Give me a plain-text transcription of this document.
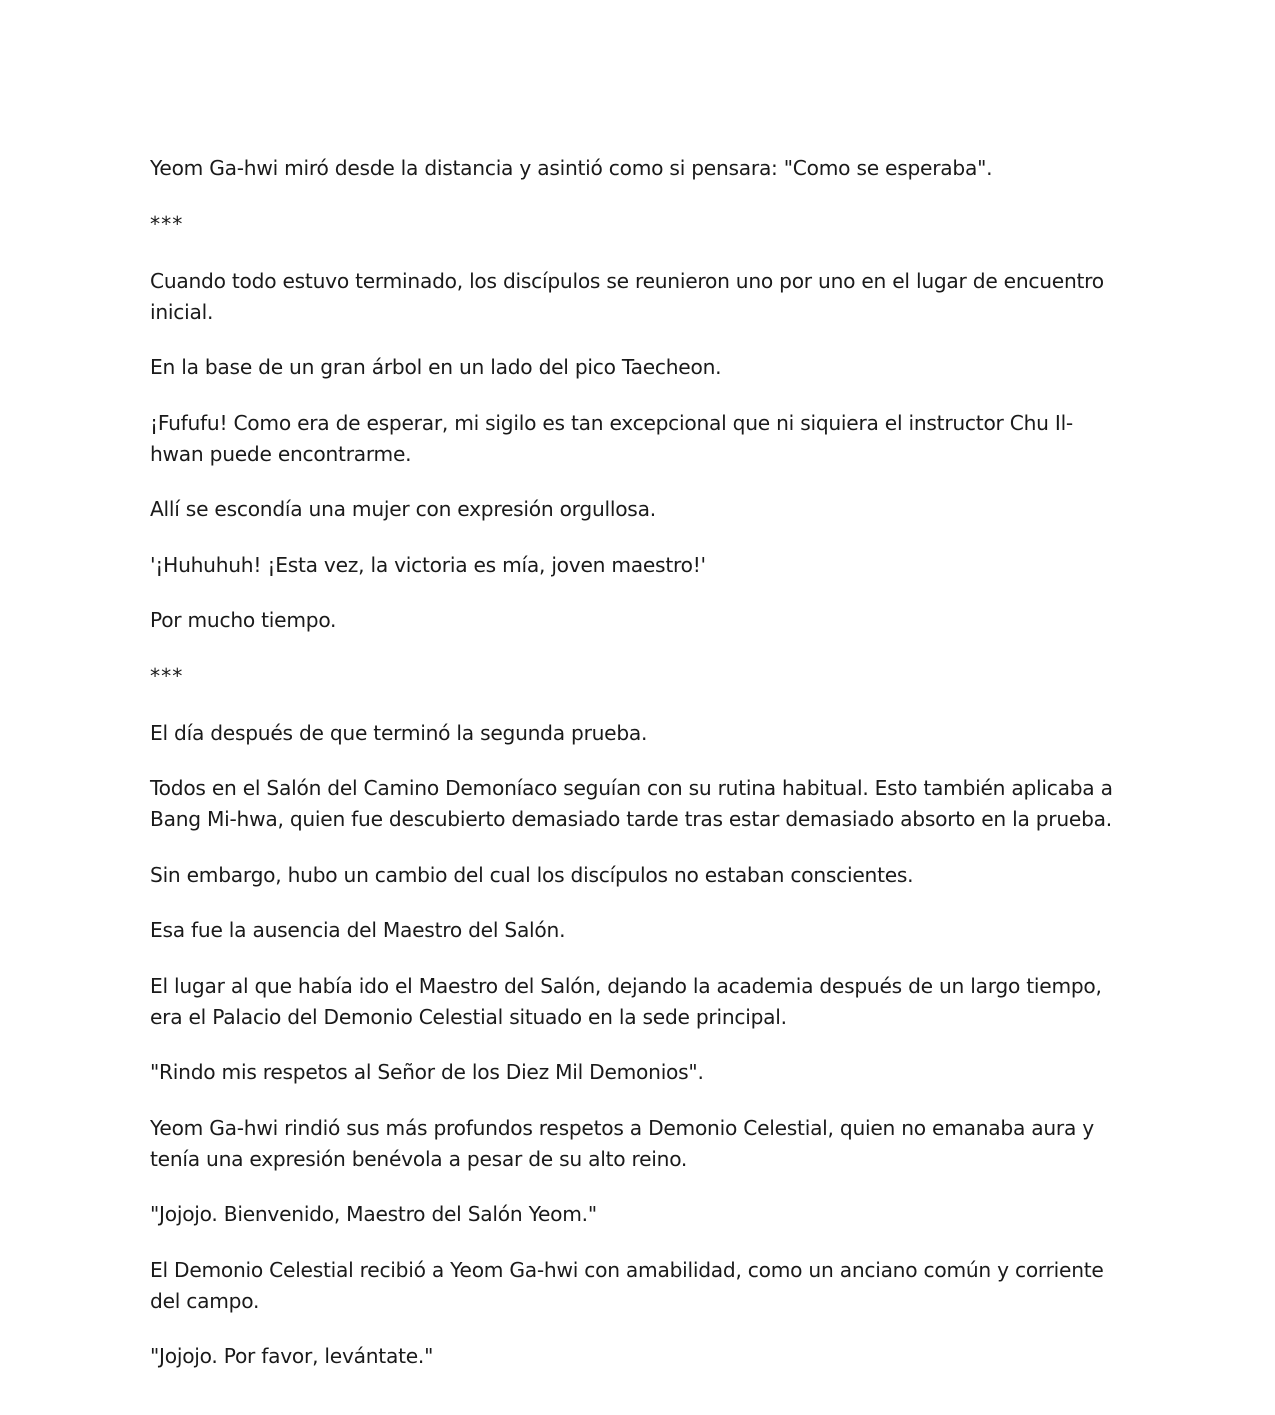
Yeom Ga-hwi miró desde la distancia y asintió como si pensara: "Como se esperaba".

***

Cuando todo estuvo terminado, los discípulos se reunieron uno por uno en el lugar de encuentro inicial.

En la base de un gran árbol en un lado del pico Taecheon.

¡Fufufu! Como era de esperar, mi sigilo es tan excepcional que ni siquiera el instructor Chu Il-hwan puede encontrarme.

Allí se escondía una mujer con expresión orgullosa.

'¡Huhuhuh! ¡Esta vez, la victoria es mía, joven maestro!'

Por mucho tiempo.

***

El día después de que terminó la segunda prueba.

Todos en el Salón del Camino Demoníaco seguían con su rutina habitual. Esto también aplicaba a Bang Mi-hwa, quien fue descubierto demasiado tarde tras estar demasiado absorto en la prueba.

Sin embargo, hubo un cambio del cual los discípulos no estaban conscientes.

Esa fue la ausencia del Maestro del Salón.

El lugar al que había ido el Maestro del Salón, dejando la academia después de un largo tiempo, era el Palacio del Demonio Celestial situado en la sede principal.

"Rindo mis respetos al Señor de los Diez Mil Demonios".

Yeom Ga-hwi rindió sus más profundos respetos a Demonio Celestial, quien no emanaba aura y tenía una expresión benévola a pesar de su alto reino.

"Jojojo. Bienvenido, Maestro del Salón Yeom."

El Demonio Celestial recibió a Yeom Ga-hwi con amabilidad, como un anciano común y corriente del campo.

"Jojojo. Por favor, levántate."
